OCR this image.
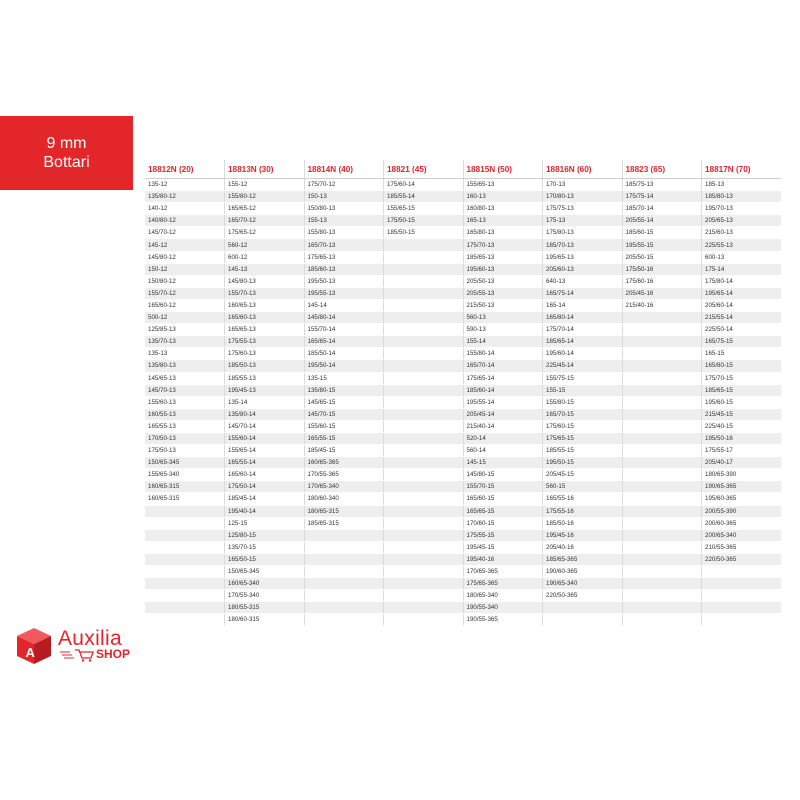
9 mm
Bottari	18812N (20)	18813N (30)	18814N (40)	18821 (45)	18815N (50)	18816N (60)	18823 (65)	18817N (70)
135-12	155-12	175/70-12	175/60-14	155/65-13	170-13	185/75-13	185-13
135/80-12	155/80-12	150-13	185/55-14	160-13	170/80-13	175/75-14	185/80-13
140-12	165/65-12	150/80-13	155/65-15	160/80-13	175/75-13	185/70-14	195/70-13
140/80-12	165/70-12	155-13	175/50-15	165-13	175-13	205/55-14	205/65-13
145/70-12	175/65-12	155/80-13	185/50-15	165/80-13	175/80-13	185/60-15	215/60-13
145-12	560-12	165/70-13		175/70-13	185/70-13	195/55-15	225/55-13
145/80-12	600-12	175/65-13		185/65-13	195/65-13	205/50-15	600-13
150-12	145-13	185/60-13		195/60-13	205/60-13	175/50-16	175-14
150/80-12	145/80-13	195/50-13		205/50-13	640-13	175/60-16	175/80-14
155/70-12	155/70-13	195/55-13		205/55-13	165/75-14	205/45-16	195/65-14
165/60-12	160/65-13	145-14		215/50-13	165-14	215/40-16	205/60-14
500-12	165/60-13	145/80-14		560-13	165/80-14		215/55-14
125/85-13	165/65-13	155/70-14		590-13	175/70-14		225/50-14
135/70-13	175/55-13	165/65-14		155-14	185/65-14		165/75-15
135-13	175/60-13	185/50-14		155/80-14	195/60-14		165-15
135/80-13	185/50-13	195/50-14		165/70-14	225/45-14		165/80-15
145/65-13	185/55-13	135-15		175/65-14	155/75-15		175/70-15
145/70-13	195/45-13	135/80-15		185/60-14	155-15		185/65-15
155/60-13	135-14	145/65-15		195/55-14	155/80-15		195/60-15
160/55-13	135/80-14	145/70-15		205/45-14	165/70-15		215/45-15
165/55-13	145/70-14	155/60-15		215/40-14	175/60-15		225/40-15
170/50-13	155/60-14	165/55-15		520-14	175/65-15		195/50-16
175/50-13	155/65-14	185/45-15		560-14	185/55-15		175/55-17
150/65-345	165/55-14	160/65-365		145-15	195/50-15		205/40-17
155/65-340	165/60-14	170/55-365		145/80-15	205/45-15		180/65-390
160/65-315	175/50-14	170/65-340		155/70-15	560-15		190/65-365
160/65-315	185/45-14	180/60-340		165/60-15	165/55-16		195/60-365
	195/40-14	180/65-315		165/65-15	175/55-16		200/55-390
	125-15	185/65-315		170/60-15	185/50-16		200/60-365
	125/80-15			175/55-15	195/45-16		200/65-340
	135/70-15			195/45-15	205/40-16		210/55-365
	165/50-15			195/40-16	185/65-365		220/50-365
	150/65-345			170/65-365	190/60-365		
	160/65-340			175/65-365	190/65-340		
	170/55-340			180/65-340	220/50-365		
	180/55-315			190/55-340			
	180/60-315			190/55-365			
A
Auxilia
SHOP
